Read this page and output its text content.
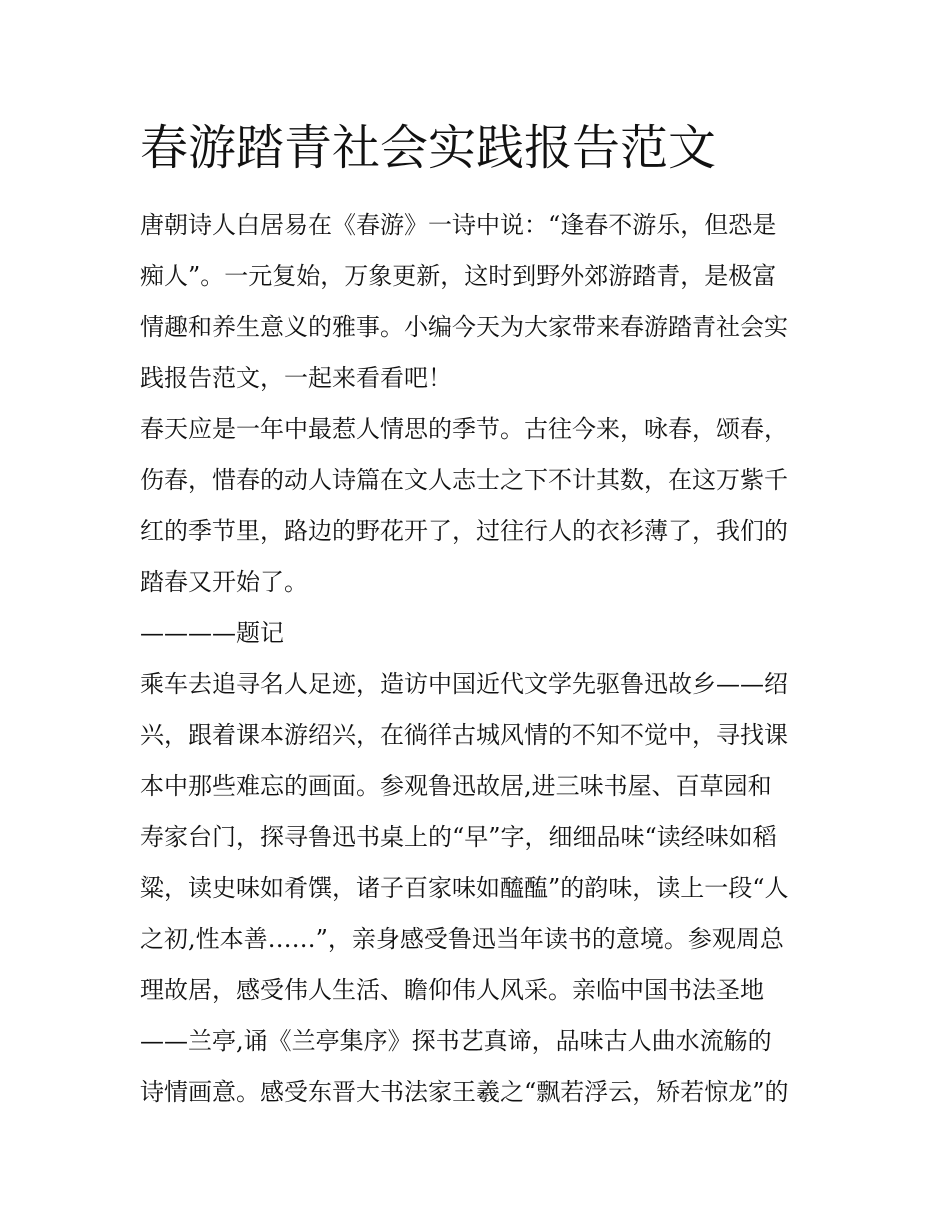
春游踏青社会实践报告范文
唐朝诗人白居易在《春游》一诗中说：“逢春不游乐，但恐是
痴人”。一元复始，万象更新，这时到野外郊游踏青，是极富
情趣和养生意义的雅事。小编今天为大家带来春游踏青社会实
践报告范文，一起来看看吧！
春天应是一年中最惹人情思的季节。古往今来，咏春，颂春，
伤春，惜春的动人诗篇在文人志士之下不计其数，在这万紫千
红的季节里，路边的野花开了，过往行人的衣衫薄了，我们的
踏春又开始了。
————题记
乘车去追寻名人足迹，造访中国近代文学先驱鲁迅故乡——绍
兴，跟着课本游绍兴，在徜徉古城风情的不知不觉中，寻找课
本中那些难忘的画面。参观鲁迅故居,进三味书屋、百草园和
寿家台门，探寻鲁迅书桌上的“早”字，细细品味“读经味如稻
粱，读史味如肴馔，诸子百家味如醯醢”的韵味，读上一段“人
之初,性本善……”，亲身感受鲁迅当年读书的意境。参观周总
理故居，感受伟人生活、瞻仰伟人风采。亲临中国书法圣地
——兰亭,诵《兰亭集序》探书艺真谛，品味古人曲水流觞的
诗情画意。感受东晋大书法家王羲之“飘若浮云，矫若惊龙”的
